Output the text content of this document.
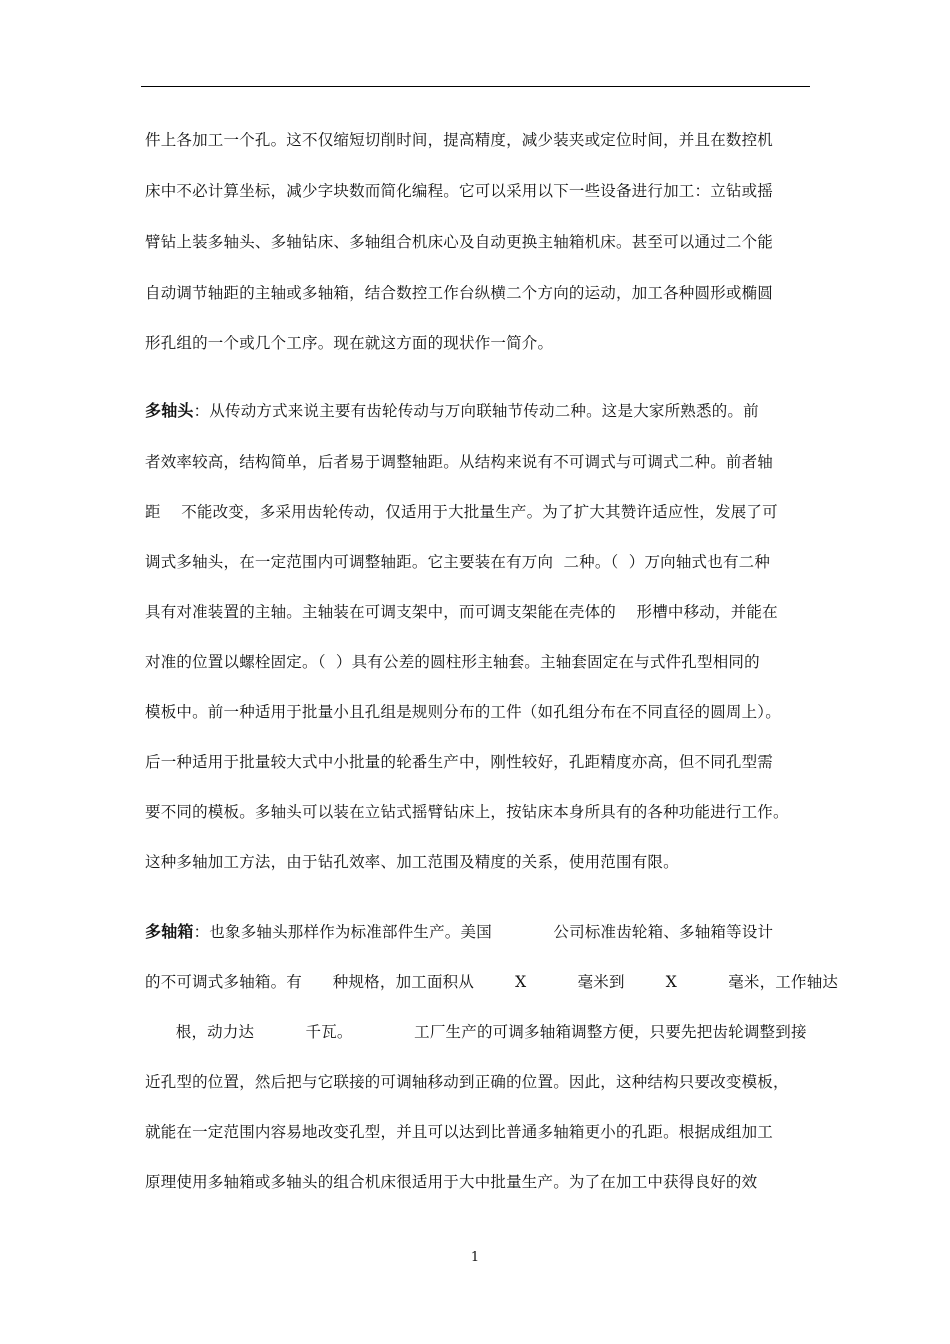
件上各加工一个孔。这不仅缩短切削时间，提高精度，减少装夹或定位时间，并且在数控机
床中不必计算坐标，减少字块数而简化编程。它可以采用以下一些设备进行加工：立钻或摇
臂钻上装多轴头、多轴钻床、多轴组合机床心及自动更换主轴箱机床。甚至可以通过二个能
自动调节轴距的主轴或多轴箱，结合数控工作台纵横二个方向的运动，加工各种圆形或椭圆
形孔组的一个或几个工序。现在就这方面的现状作一简介。
多轴头：从传动方式来说主要有齿轮传动与万向联轴节传动二种。这是大家所熟悉的。前
者效率较高，结构简单，后者易于调整轴距。从结构来说有不可调式与可调式二种。前者轴
距    不能改变，多采用齿轮传动，仅适用于大批量生产。为了扩大其赞许适应性，发展了可
调式多轴头，在一定范围内可调整轴距。它主要装在有万向  二种。（  ）万向轴式也有二种
具有对准装置的主轴。主轴装在可调支架中，而可调支架能在壳体的    形槽中移动，并能在
对准的位置以螺栓固定。（  ）具有公差的圆柱形主轴套。主轴套固定在与式件孔型相同的
模板中。前一种适用于批量小且孔组是规则分布的工件（如孔组分布在不同直径的圆周上）。
后一种适用于批量较大式中小批量的轮番生产中，刚性较好，孔距精度亦高，但不同孔型需
要不同的模板。多轴头可以装在立钻式摇臂钻床上，按钻床本身所具有的各种功能进行工作。
这种多轴加工方法，由于钻孔效率、加工范围及精度的关系，使用范围有限。
多轴箱：也象多轴头那样作为标准部件生产。美国            公司标准齿轮箱、多轴箱等设计
的不可调式多轴箱。有      种规格，加工面积从        X          毫米到        X          毫米，工作轴达
根，动力达          千瓦。            工厂生产的可调多轴箱调整方便，只要先把齿轮调整到接
近孔型的位置，然后把与它联接的可调轴移动到正确的位置。因此，这种结构只要改变模板，
就能在一定范围内容易地改变孔型，并且可以达到比普通多轴箱更小的孔距。根据成组加工
原理使用多轴箱或多轴头的组合机床很适用于大中批量生产。为了在加工中获得良好的效
1
